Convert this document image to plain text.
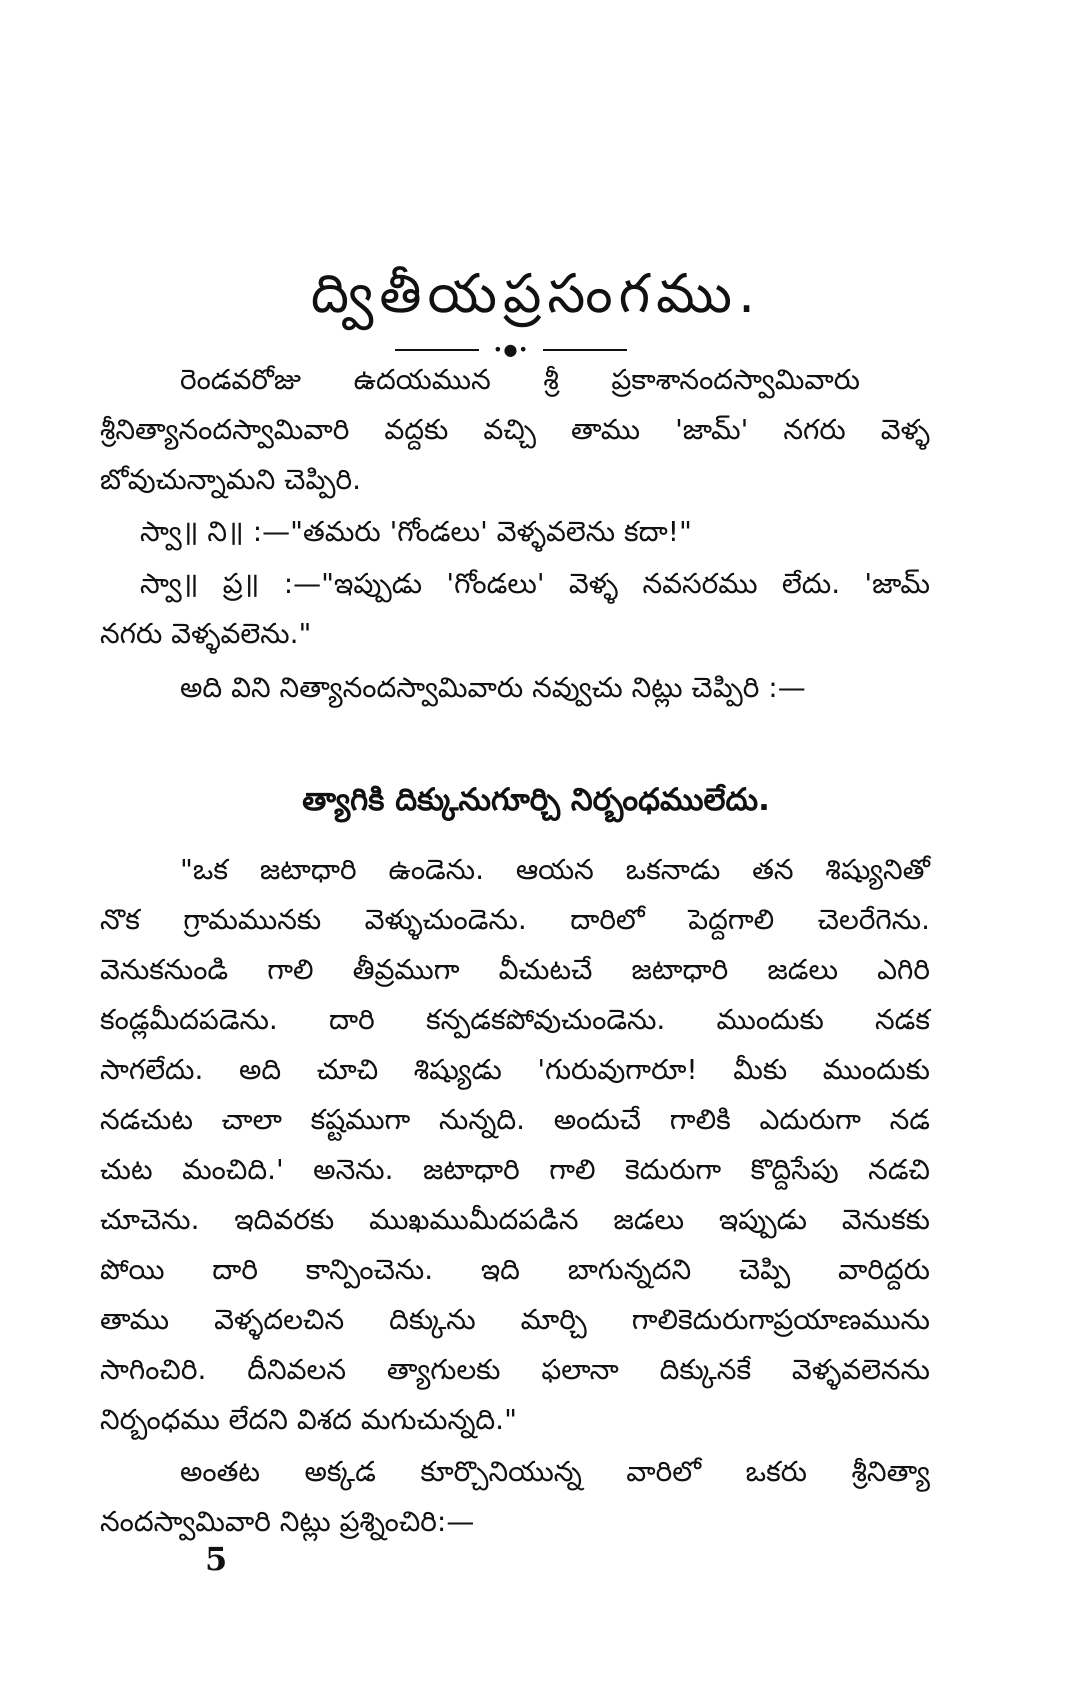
ద్వితీయప్రసంగము.
•●•
రెండవరోజు ఉదయమున శ్రీ ప్రకాశానందస్వామివారు
శ్రీనిత్యానందస్వామివారి వద్దకు వచ్చి తాము 'జామ్' నగరు వెళ్ళ
బోవుచున్నామని చెప్పిరి.
స్వా॥ ని॥ :—"తమరు 'గోండలు' వెళ్ళవలెను కదా!"
స్వా॥ ప్ర॥ :—"ఇప్పుడు 'గోండలు' వెళ్ళ నవసరము లేదు. 'జామ్
నగరు వెళ్ళవలెను."
అది విని నిత్యానందస్వామివారు నవ్వుచు నిట్లు చెప్పిరి :—
త్యాగికి దిక్కునుగూర్చి నిర్బంధములేదు.
"ఒక జటాధారి ఉండెను. ఆయన ఒకనాడు తన శిష్యునితో
నొక గ్రామమునకు వెళ్ళుచుండెను. దారిలో పెద్దగాలి చెలరేగెను.
వెనుకనుండి గాలి తీవ్రముగా వీచుటచే జటాధారి జడలు ఎగిరి
కండ్లమీదపడెను. దారి కన్పడకపోవుచుండెను. ముందుకు నడక
సాగలేదు. అది చూచి శిష్యుడు 'గురువుగారూ! మీకు ముందుకు
నడచుట చాలా కష్టముగా నున్నది. అందుచే గాలికి ఎదురుగా నడ
చుట మంచిది.' అనెను. జటాధారి గాలి కెదురుగా కొద్దిసేపు నడచి
చూచెను. ఇదివరకు ముఖముమీదపడిన జడలు ఇప్పుడు వెనుకకు
పోయి దారి కాన్పించెను. ఇది బాగున్నదని చెప్పి వారిద్దరు
తాము వెళ్ళదలచిన దిక్కును మార్చి గాలికెదురుగాప్రయాణమును
సాగించిరి. దీనివలన త్యాగులకు ఫలానా దిక్కునకే వెళ్ళవలెనను
నిర్బంధము లేదని విశద మగుచున్నది."
అంతట అక్కడ కూర్చొనియున్న వారిలో ఒకరు శ్రీనిత్యా
నందస్వామివారి నిట్లు ప్రశ్నించిరి:—
5
